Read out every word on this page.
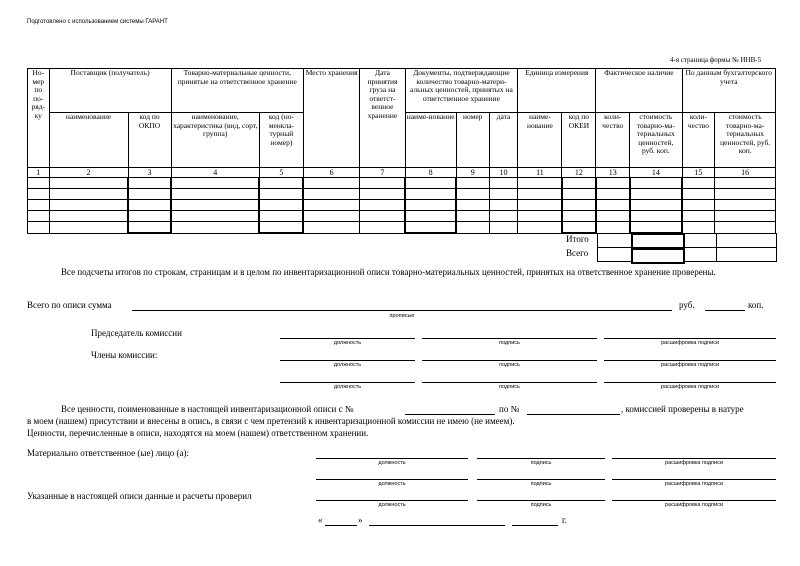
Подготовлено с использованием системы ГАРАНТ
4-я страница формы № ИНВ-5
Но-мер по по-ряд-ку	Поставщик (получатель)		Товарно-материальные ценности, принятые на ответственное хранение		Место хранения	Дата принятия груза на ответст-венное хранение	Документы, подтверждающие количество товарно-матери-альных ценностей, принятых на ответственное хранение			Единица измерения		Фактическое наличие		По данным бухгалтерского учета	
	наименование	код по ОКПО	наименование, характеристика (вид, сорт, группа)	код (но-менкла-турный номер)			наиме-нование	номер	дата	наиме-нование	код по ОКЕИ	коли-чество	стоимость товарно-ма-териальных ценностей, руб. коп.	коли-чество	стоимость товарно-ма-териальных ценностей, руб. коп.
1	2	3	4	5	6	7	8	9	10	11	12	13	14	15	16

Итого
Всего
Все подсчеты итогов по строкам, страницам и в целом по инвентаризационной описи товарно-материальных ценностей, принятых на ответственное хранение проверены.
Всего по описи сумма
прописью
руб.	коп.
Председатель комиссии
Члены комиссии:
должность	подпись	расшифровка подписи
должность	подпись	расшифровка подписи
должность	подпись	расшифровка подписи
Все ценности, поименованные в настоящей инвентаризационной описи с №	по №	, комиссией проверены в натуре
в моем (нашем) присутствии и внесены в опись, в связи с чем претензий к инвентаризационной комиссии не имею (не имеем).
Ценности, перечисленные в описи, находятся на моем (нашем) ответственном хранении.
Материально ответственное (ые) лицо (а):
должность	подпись	расшифровка подписи
должность	подпись	расшифровка подписи
Указанные в настоящей описи данные и расчеты проверил
должность	подпись	расшифровка подписи
«	»	г.
